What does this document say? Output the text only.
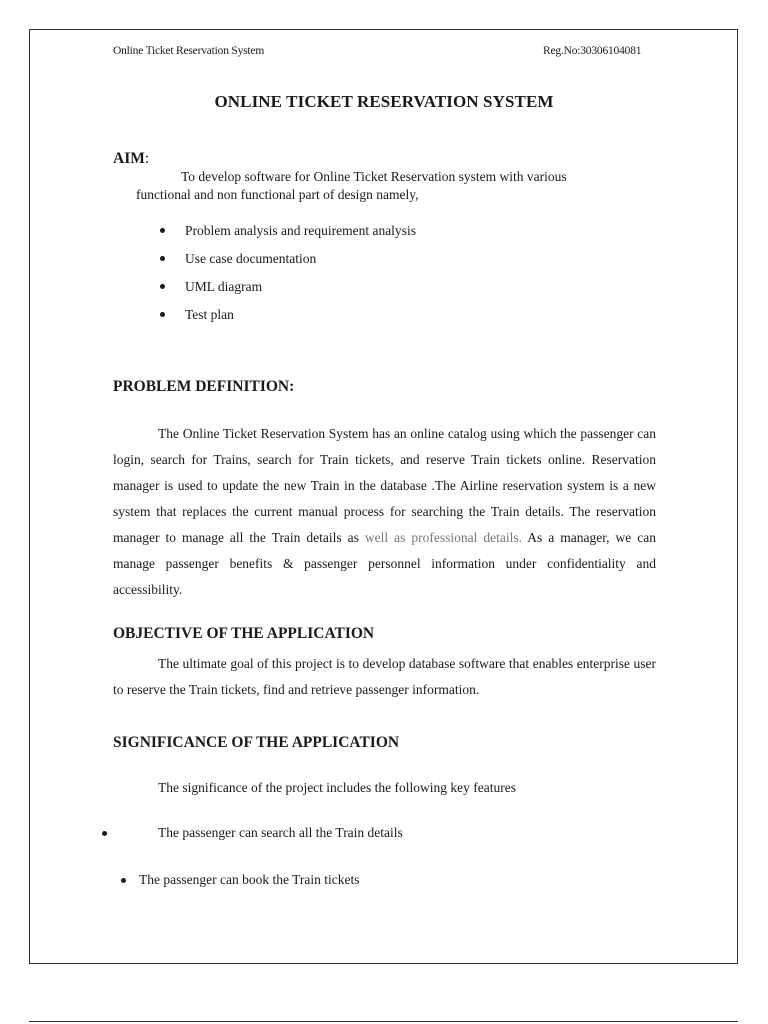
Online Ticket Reservation System	Reg.No:30306104081
ONLINE TICKET RESERVATION SYSTEM
AIM:
To develop software for Online Ticket Reservation system with various
functional and non functional part of design namely,
Problem analysis and requirement analysis
Use case documentation
UML diagram
Test plan
PROBLEM DEFINITION:
The Online Ticket Reservation System has an online catalog using which the passenger can login, search for Trains, search for Train tickets, and reserve Train tickets online. Reservation manager is used to update the new Train in the database .The Airline reservation system is a new system that replaces the current manual process for searching the Train details. The reservation manager to manage all the Train details as well as professional details. As a manager, we can manage passenger benefits & passenger personnel information under confidentiality and accessibility.
OBJECTIVE OF THE APPLICATION
The ultimate goal of this project is to develop database software that enables enterprise user to reserve the Train tickets, find and retrieve passenger information.
SIGNIFICANCE OF THE APPLICATION
The significance of the project includes the following key features
The passenger can search all the Train details
The passenger can book the Train tickets
